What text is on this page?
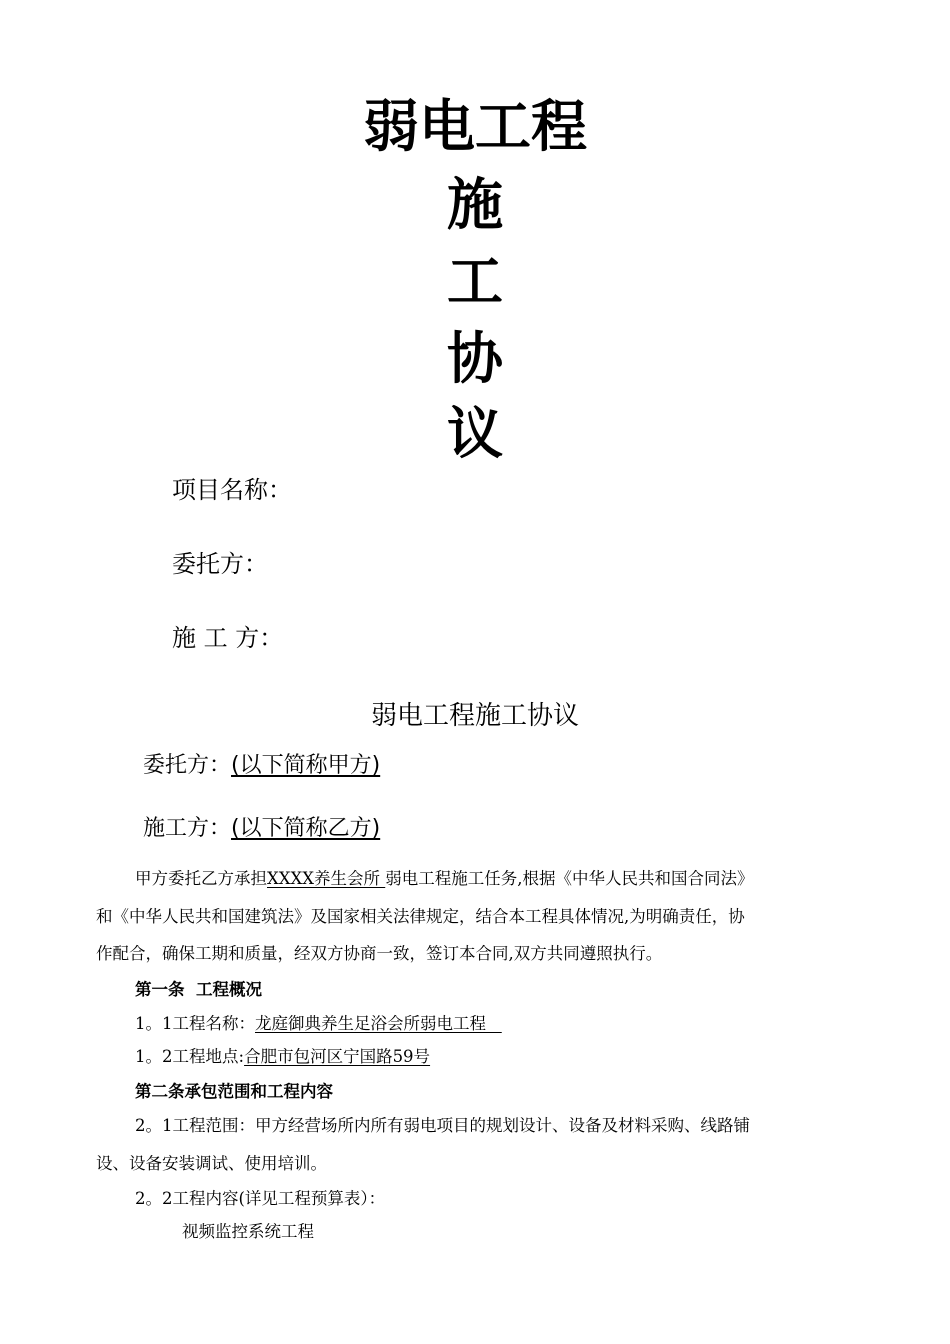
弱电工程
施
工
协
议
项目名称：
委托方：
施 工 方：
弱电工程施工协议
委托方：(以下简称甲方)
施工方：(以下简称乙方)
甲方委托乙方承担XXXX养生会所 弱电工程施工任务,根据《中华人民共和国合同法》
和《中华人民共和国建筑法》及国家相关法律规定，结合本工程具体情况,为明确责任，协
作配合，确保工期和质量，经双方协商一致，签订本合同,双方共同遵照执行。
第一条  工程概况
1。1工程名称：龙庭御典养生足浴会所弱电工程
1。2工程地点:合肥市包河区宁国路59号
第二条承包范围和工程内容
2。1工程范围：甲方经营场所内所有弱电项目的规划设计、设备及材料采购、线路铺
设、设备安装调试、使用培训。
2。2工程内容(详见工程预算表）：
视频监控系统工程
